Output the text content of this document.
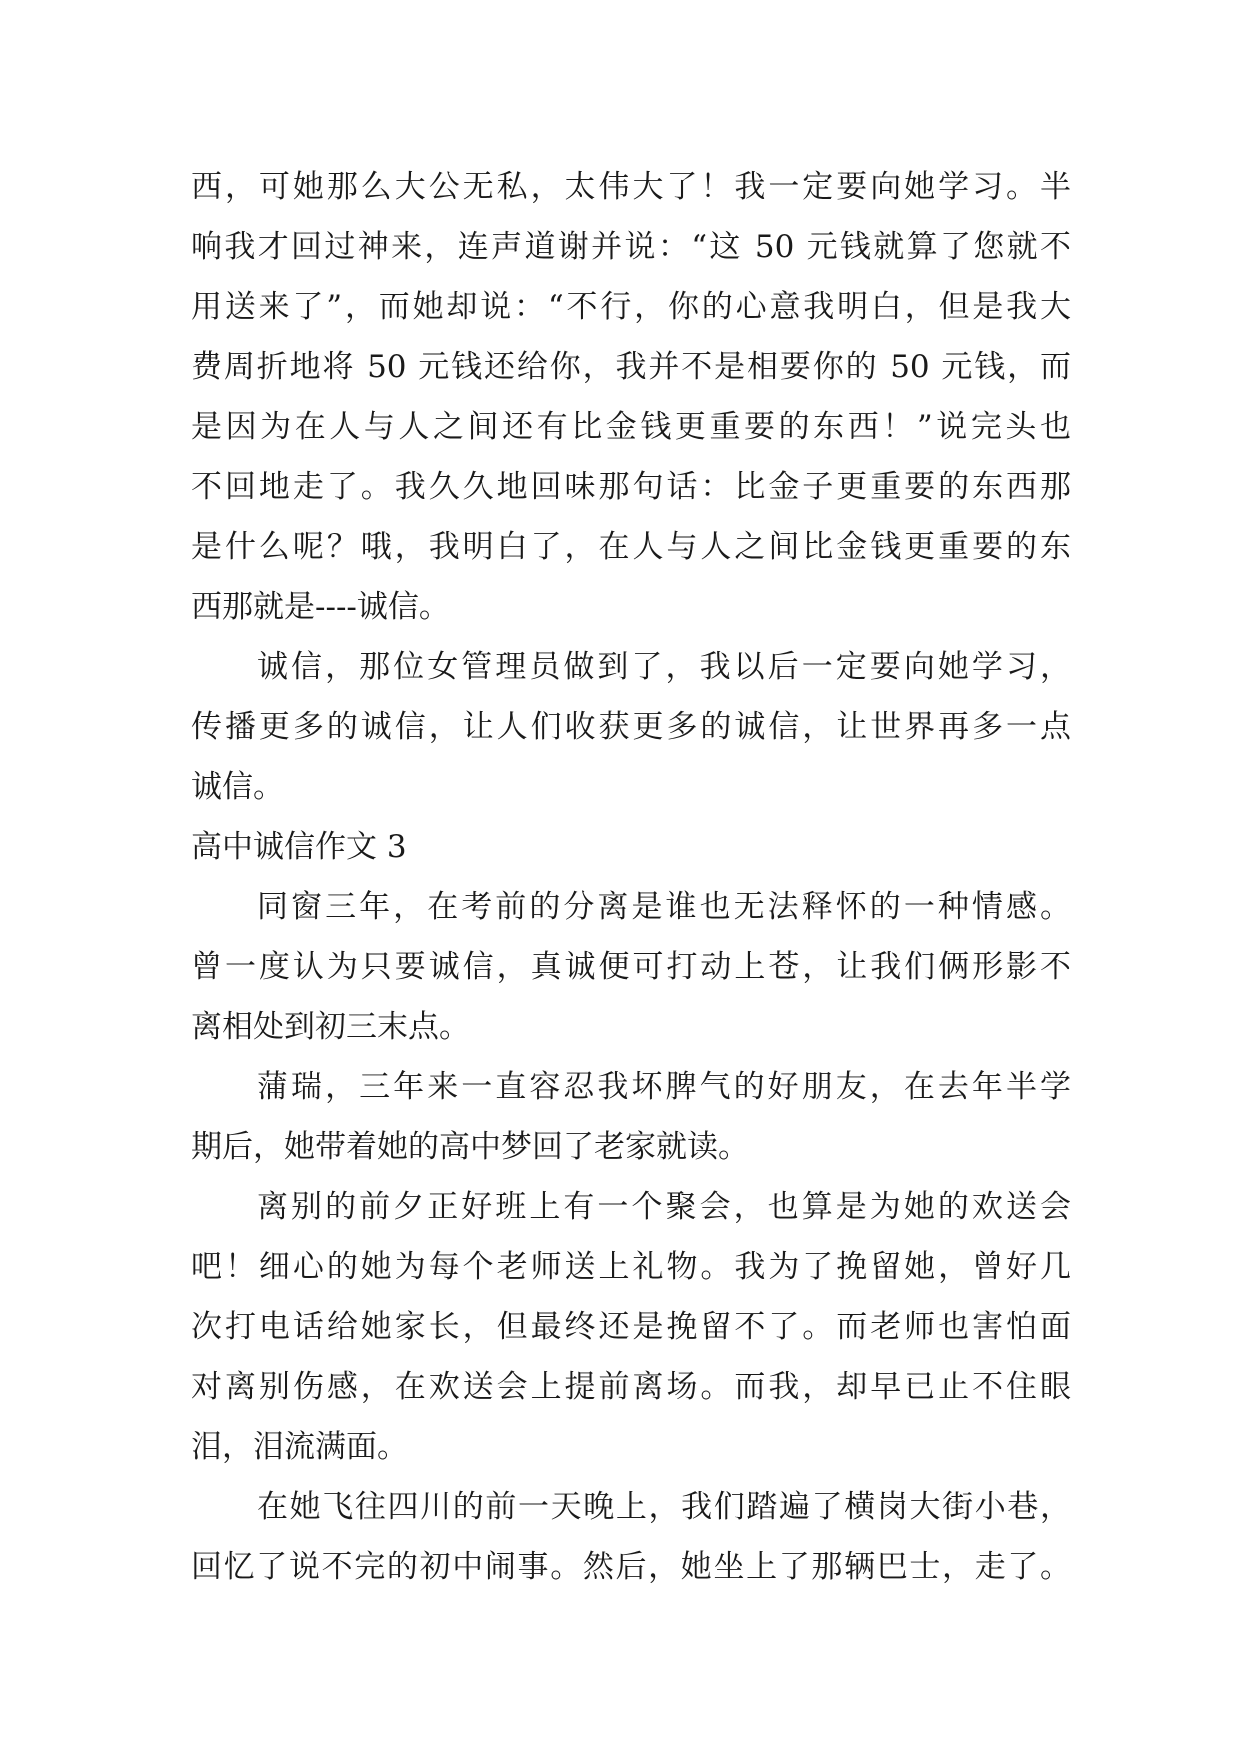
西，可她那么大公无私，太伟大了！我一定要向她学习。半
响我才回过神来，连声道谢并说：“这 50 元钱就算了您就不
用送来了”，而她却说：“不行，你的心意我明白，但是我大
费周折地将 50 元钱还给你，我并不是相要你的 50 元钱，而
是因为在人与人之间还有比金钱更重要的东西！”说完头也
不回地走了。我久久地回味那句话：比金子更重要的东西那
是什么呢？哦，我明白了，在人与人之间比金钱更重要的东
西那就是----诚信。
诚信，那位女管理员做到了，我以后一定要向她学习，
传播更多的诚信，让人们收获更多的诚信，让世界再多一点
诚信。
高中诚信作文 3
同窗三年，在考前的分离是谁也无法释怀的一种情感。
曾一度认为只要诚信，真诚便可打动上苍，让我们俩形影不
离相处到初三末点。
蒲瑞，三年来一直容忍我坏脾气的好朋友，在去年半学
期后，她带着她的高中梦回了老家就读。
离别的前夕正好班上有一个聚会，也算是为她的欢送会
吧！细心的她为每个老师送上礼物。我为了挽留她，曾好几
次打电话给她家长，但最终还是挽留不了。而老师也害怕面
对离别伤感，在欢送会上提前离场。而我，却早已止不住眼
泪，泪流满面。
在她飞往四川的前一天晚上，我们踏遍了横岗大街小巷，
回忆了说不完的初中闹事。然后，她坐上了那辆巴士，走了。
